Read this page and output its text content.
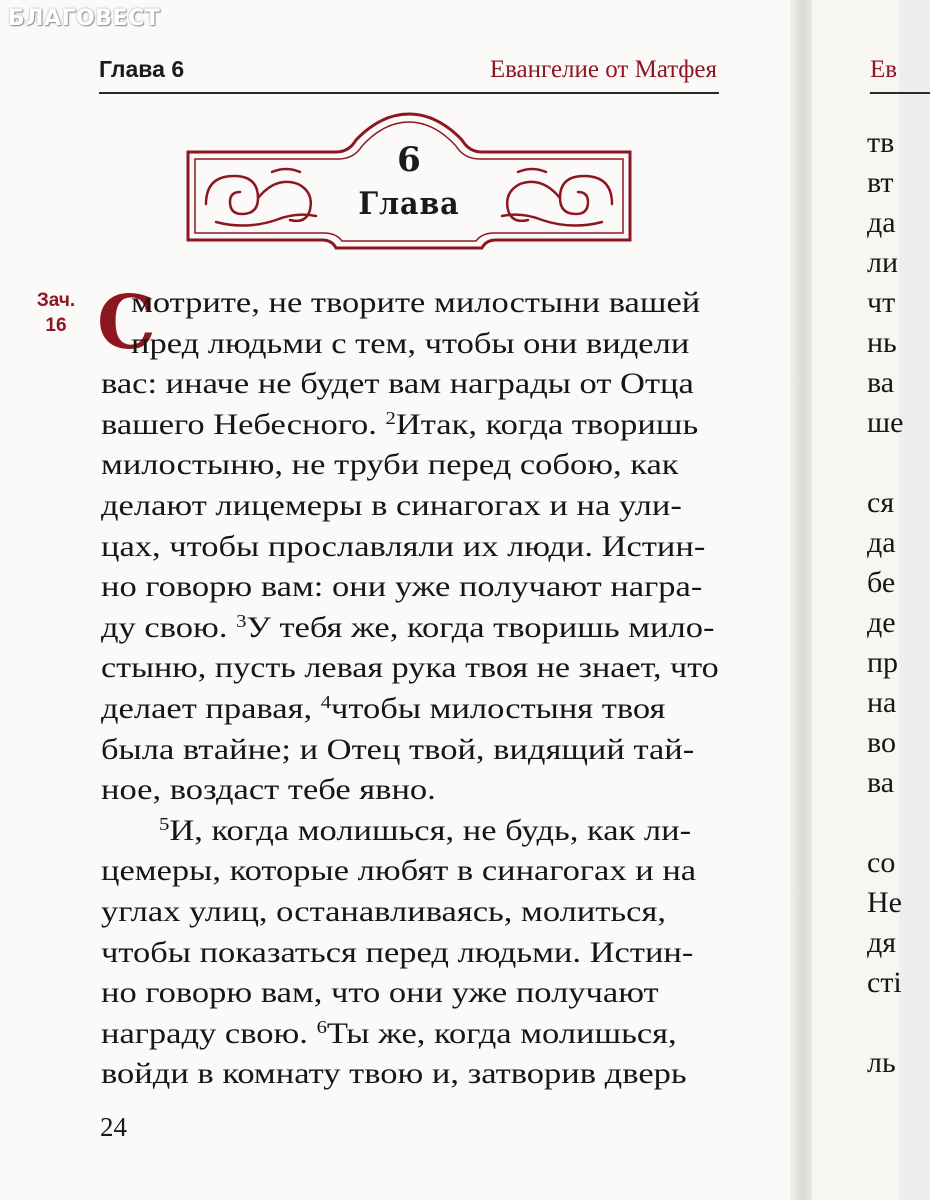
БЛАГОВЕСТ
Глава 6	Евангелие от Матфея
6
Глава
Зач.
16 С
мотрите, не творите милостыни вашей
пред людьми с тем, чтобы они видели
вас: иначе не будет вам награды от Отца
вашего Небесного. $^2$Итак, когда творишь
милостыню, не труби перед собою, как
делают лицемеры в синагогах и на ули-
цах, чтобы прославляли их люди. Истин-
но говорю вам: они уже получают награ-
ду свою. $^3$У тебя же, когда творишь мило-
стыню, пусть левая рука твоя не знает, что
делает правая, $^4$чтобы милостыня твоя
была втайне; и Отец твой, видящий тай-
ное, воздаст тебе явно.
$^5$И, когда молишься, не будь, как ли-
цемеры, которые любят в синагогах и на
углах улиц, останавливаясь, молиться,
чтобы показаться перед людьми. Истин-
но говорю вам, что они уже получают
награду свою. $^6$Ты же, когда молишься,
войди в комнату твою и, затворив дверь
24
Ев
тв
вт
да
ли
чт
нь
ва
ше
ся
да
бе
де
пр
на
во
ва
со
Не
дя
сті
ль
